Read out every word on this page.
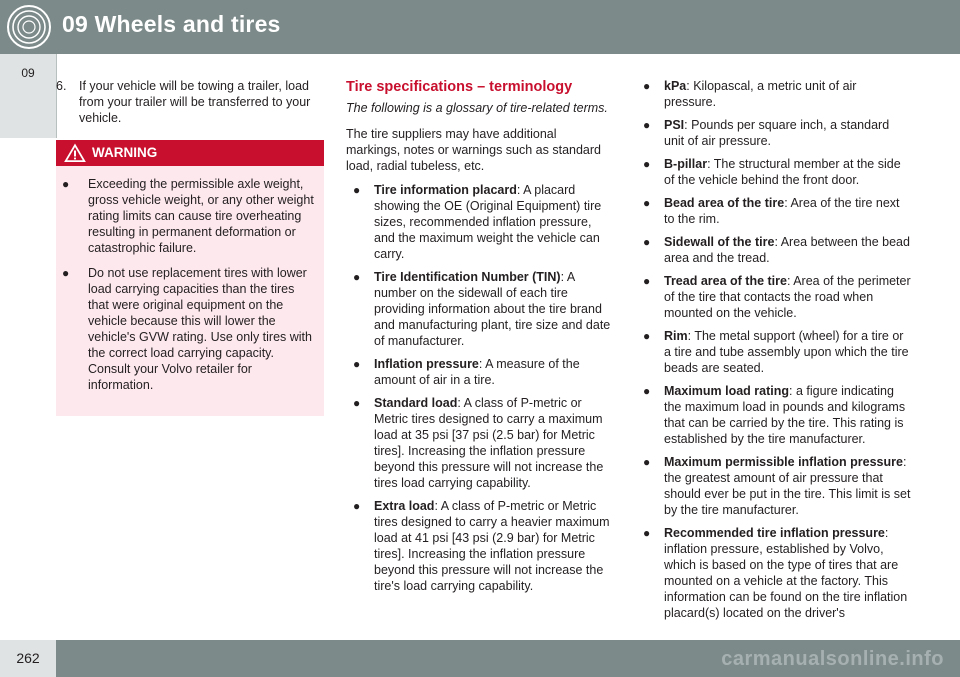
09 Wheels and tires
09
6. If your vehicle will be towing a trailer, load from your trailer will be transferred to your vehicle.
WARNING
● Exceeding the permissible axle weight, gross vehicle weight, or any other weight rating limits can cause tire overheating resulting in permanent deformation or catastrophic failure.
● Do not use replacement tires with lower load carrying capacities than the tires that were original equipment on the vehicle because this will lower the vehicle's GVW rating. Use only tires with the correct load carrying capacity. Consult your Volvo retailer for information.
Tire specifications – terminology
The following is a glossary of tire-related terms.
The tire suppliers may have additional markings, notes or warnings such as standard load, radial tubeless, etc.
● Tire information placard: A placard showing the OE (Original Equipment) tire sizes, recommended inflation pressure, and the maximum weight the vehicle can carry.
● Tire Identification Number (TIN): A number on the sidewall of each tire providing information about the tire brand and manufacturing plant, tire size and date of manufacturer.
● Inflation pressure: A measure of the amount of air in a tire.
● Standard load: A class of P-metric or Metric tires designed to carry a maximum load at 35 psi [37 psi (2.5 bar) for Metric tires]. Increasing the inflation pressure beyond this pressure will not increase the tires load carrying capability.
● Extra load: A class of P-metric or Metric tires designed to carry a heavier maximum load at 41 psi [43 psi (2.9 bar) for Metric tires]. Increasing the inflation pressure beyond this pressure will not increase the tire's load carrying capability.
● kPa: Kilopascal, a metric unit of air pressure.
● PSI: Pounds per square inch, a standard unit of air pressure.
● B-pillar: The structural member at the side of the vehicle behind the front door.
● Bead area of the tire: Area of the tire next to the rim.
● Sidewall of the tire: Area between the bead area and the tread.
● Tread area of the tire: Area of the perimeter of the tire that contacts the road when mounted on the vehicle.
● Rim: The metal support (wheel) for a tire or a tire and tube assembly upon which the tire beads are seated.
● Maximum load rating: a figure indicating the maximum load in pounds and kilograms that can be carried by the tire. This rating is established by the tire manufacturer.
● Maximum permissible inflation pressure: the greatest amount of air pressure that should ever be put in the tire. This limit is set by the tire manufacturer.
● Recommended tire inflation pressure: inflation pressure, established by Volvo, which is based on the type of tires that are mounted on a vehicle at the factory. This information can be found on the tire inflation placard(s) located on the driver's
262	carmanualsonline.info
